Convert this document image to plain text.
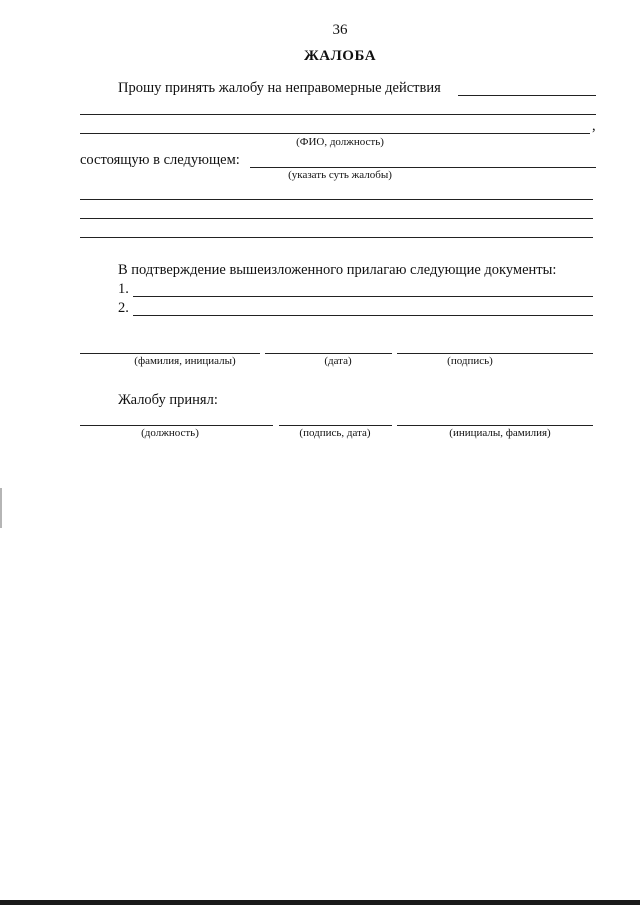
36
ЖАЛОБА
Прошу принять жалобу на неправомерные действия
,
(ФИО, должность)
состоящую в следующем:
(указать суть жалобы)
В подтверждение вышеизложенного прилагаю следующие документы:
1.
2.
(фамилия, инициалы)	(дата)	(подпись)
Жалобу принял:
(должность)	(подпись, дата)	(инициалы, фамилия)
